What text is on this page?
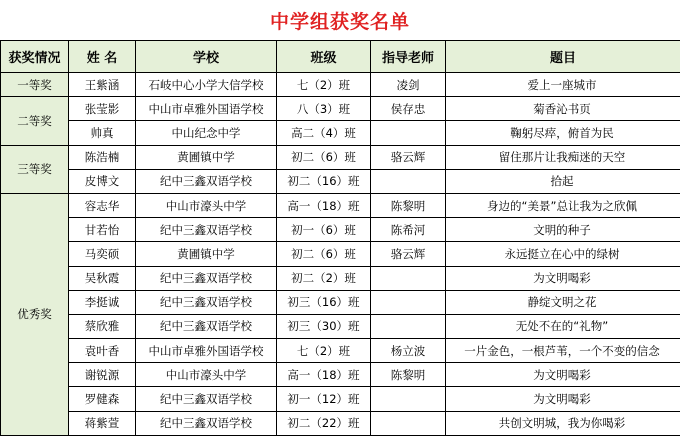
中学组获奖名单
获奖情况	姓 名	学校	班级	指导老师	题目
一等奖	王紫涵	石岐中心小学大信学校	七（2）班	凌剑	爱上一座城市
二等奖	张莹影	中山市卓雅外国语学校	八（3）班	侯存忠	菊香沁书页
	帅真	中山纪念中学	高二（4）班		鞠躬尽瘁，俯首为民
三等奖	陈浩楠	黄圃镇中学	初二（6）班	骆云辉	留住那片让我痴迷的天空
	皮博文	纪中三鑫双语学校	初二（16）班		拾起
优秀奖	容志华	中山市濠头中学	高一（18）班	陈黎明	身边的“美景”总让我为之欣佩
	甘若怡	纪中三鑫双语学校	初一（6）班	陈希河	文明的种子
	马奕硕	黄圃镇中学	初二（6）班	骆云辉	永远挺立在心中的绿树
	吴秋霞	纪中三鑫双语学校	初二（2）班		为文明喝彩
	李挺诚	纪中三鑫双语学校	初三（16）班		静绽文明之花
	蔡欣雅	纪中三鑫双语学校	初三（30）班		无处不在的“礼物”
	袁叶香	中山市卓雅外国语学校	七（2）班	杨立波	一片金色，一根芦苇，一个不变的信念
	谢锐源	中山市濠头中学	高一（18）班	陈黎明	为文明喝彩
	罗健森	纪中三鑫双语学校	初一（12）班		为文明喝彩
	蒋紫萱	纪中三鑫双语学校	初二（22）班		共创文明城，我为你喝彩
